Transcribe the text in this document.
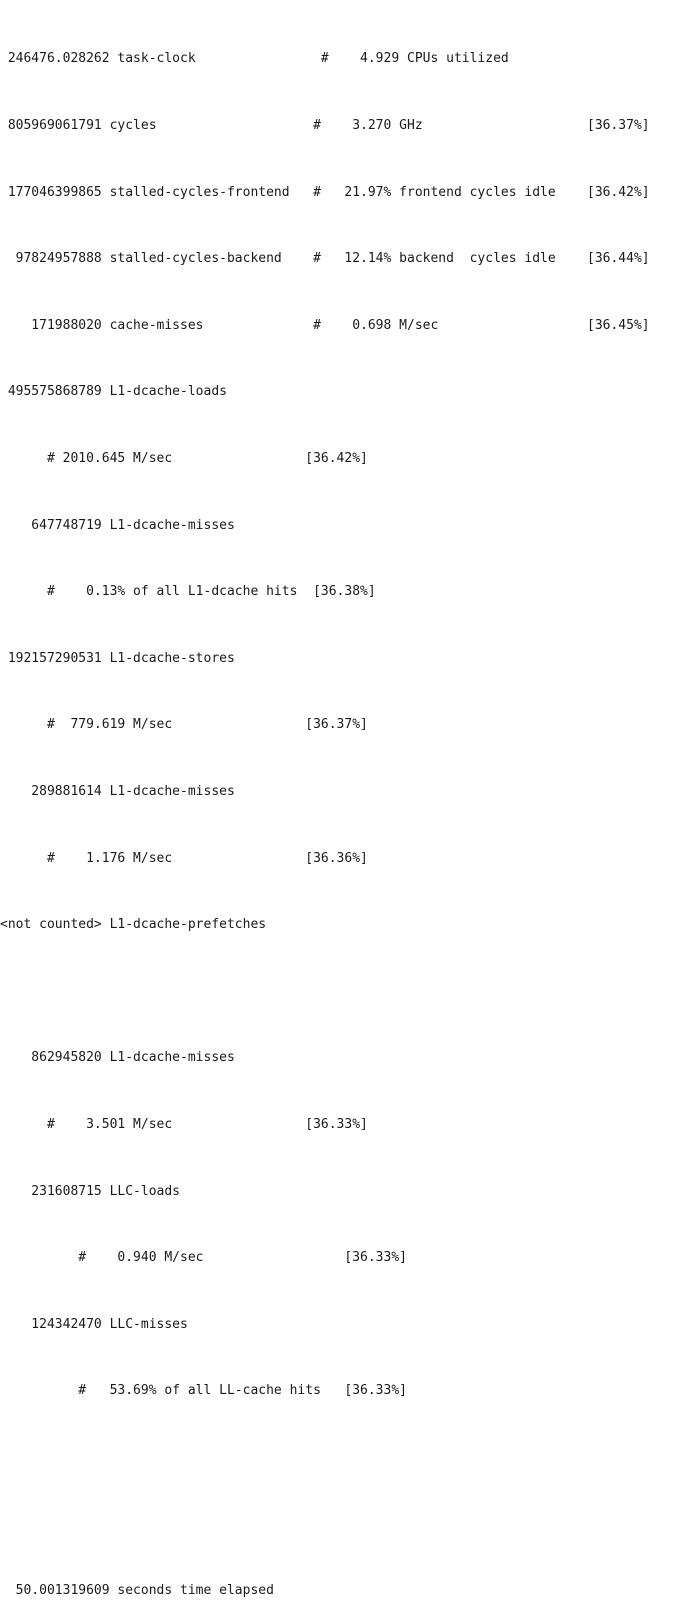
246476.028262 task-clock                #    4.929 CPUs utilized

805969061791 cycles                    #    3.270 GHz                     [36.37%]

177046399865 stalled-cycles-frontend   #   21.97% frontend cycles idle    [36.42%]

97824957888 stalled-cycles-backend    #   12.14% backend  cycles idle    [36.44%]

171988020 cache-misses              #    0.698 M/sec                   [36.45%]

495575868789 L1-dcache-loads

# 2010.645 M/sec                 [36.42%]

647748719 L1-dcache-misses

#    0.13% of all L1-dcache hits  [36.38%]

192157290531 L1-dcache-stores

#  779.619 M/sec                 [36.37%]

289881614 L1-dcache-misses

#    1.176 M/sec                 [36.36%]

<not counted> L1-dcache-prefetches

862945820 L1-dcache-misses

#    3.501 M/sec                 [36.33%]

231608715 LLC-loads

#    0.940 M/sec                  [36.33%]

124342470 LLC-misses

#   53.69% of all LL-cache hits   [36.33%]

50.001319609 seconds time elapsed
